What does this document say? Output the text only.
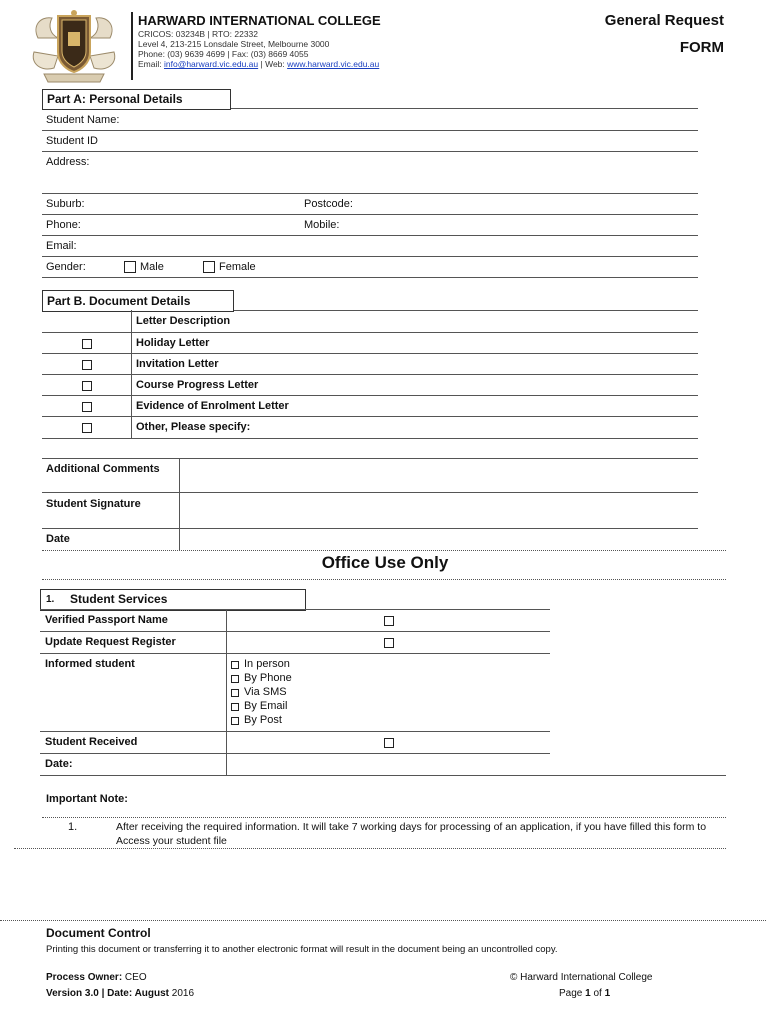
HARWARD INTERNATIONAL COLLEGE
CRICOS: 03234B | RTO: 22332
Level 4, 213-215 Lonsdale Street, Melbourne 3000
Phone: (03) 9639 4699 | Fax: (03) 8669 4055
Email: info@harward.vic.edu.au | Web: www.harward.vic.edu.au
General Request
FORM
Part A: Personal Details
Student Name:
Student ID
Address:
Suburb:	Postcode:
Phone:	Mobile:
Email:
Gender:	Male	Female
Part B. Document Details
Letter Description
Holiday Letter
Invitation Letter
Course Progress Letter
Evidence of Enrolment Letter
Other, Please specify:
Additional Comments
Student Signature
Date
Office Use Only
1. Student Services
Verified Passport Name
Update Request Register
Informed student	In person
By Phone
Via SMS
By Email
By Post
Student Received
Date:
Important Note:
1.	After receiving the required information. It will take 7 working days for processing of an application, if you have filled this form to
Access your student file
Document Control
Printing this document or transferring it to another electronic format will result in the document being an uncontrolled copy.
Process Owner: CEO
Version 3.0 | Date: August 2016
© Harward International College
Page 1 of 1
